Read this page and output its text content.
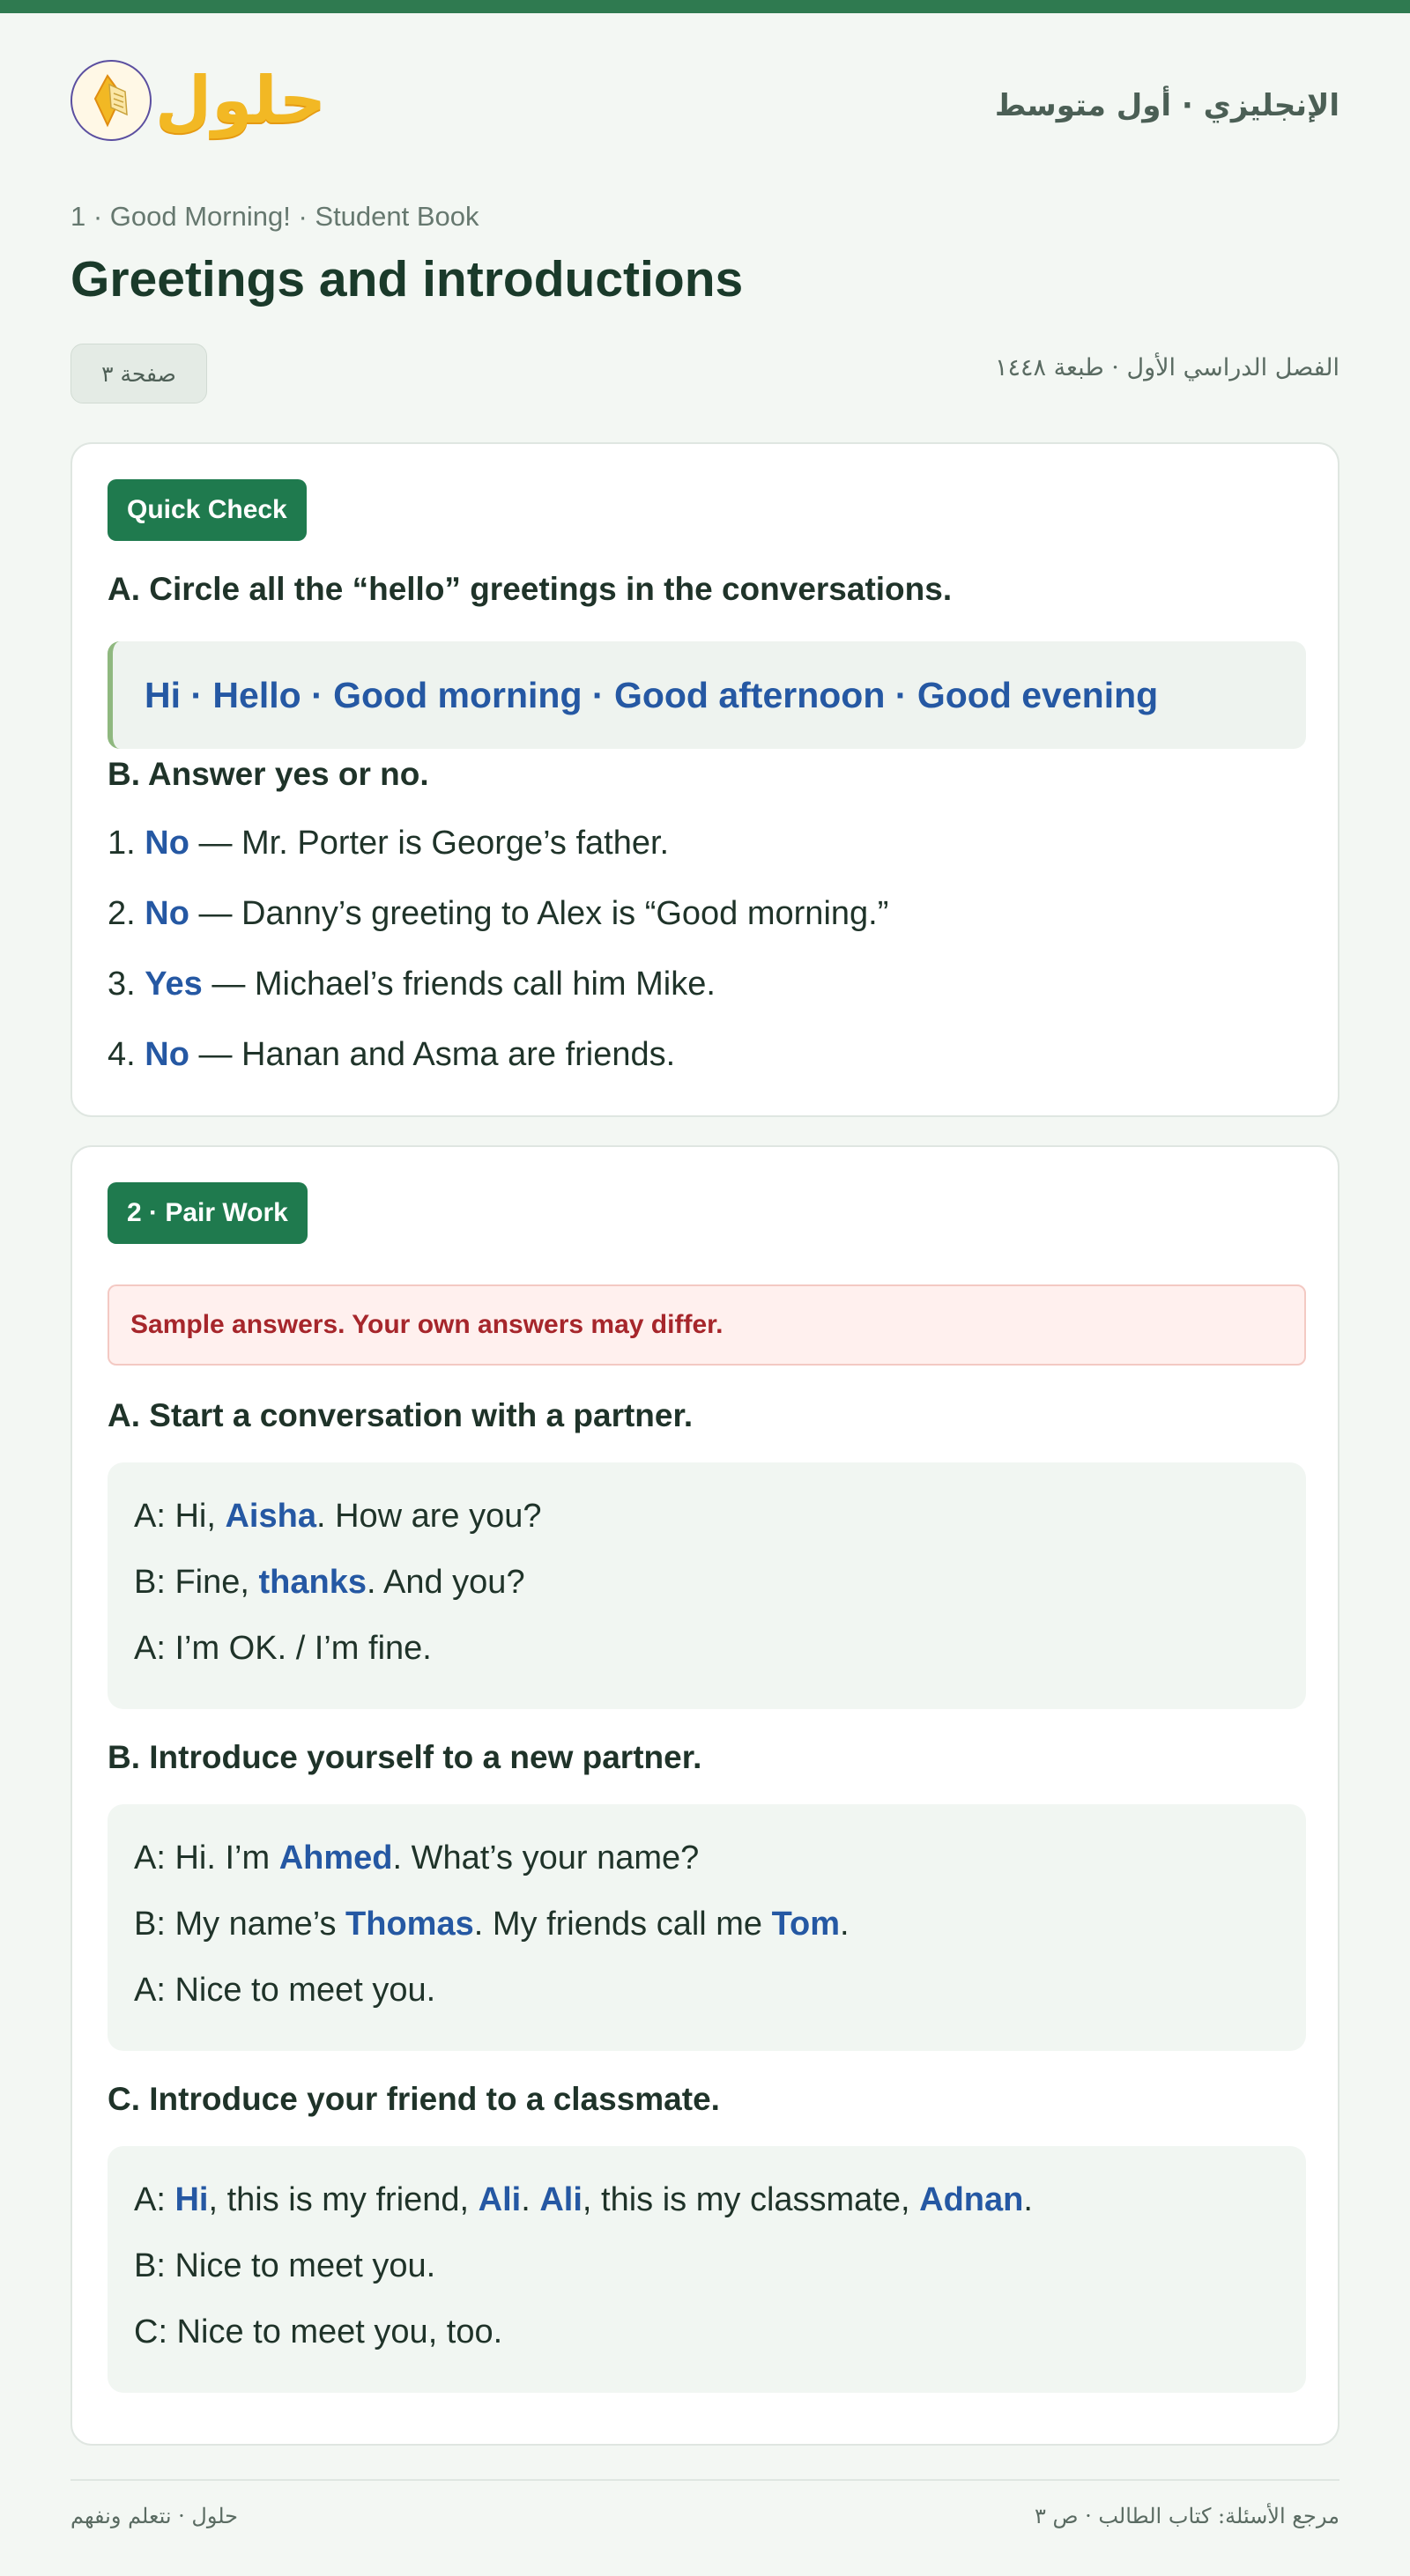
حلول	الإنجليزي · أول متوسط
1 · Good Morning! · Student Book
Greetings and introductions
صفحة ٣	الفصل الدراسي الأول · طبعة ١٤٤٨
Quick Check
A. Circle all the “hello” greetings in the conversations.
Hi · Hello · Good morning · Good afternoon · Good evening
B. Answer yes or no.
1. No — Mr. Porter is George’s father.
2. No — Danny’s greeting to Alex is “Good morning.”
3. Yes — Michael’s friends call him Mike.
4. No — Hanan and Asma are friends.
2 · Pair Work
Sample answers. Your own answers may differ.
A. Start a conversation with a partner.
A: Hi, Aisha. How are you?
B: Fine, thanks. And you?
A: I’m OK. / I’m fine.
B. Introduce yourself to a new partner.
A: Hi. I’m Ahmed. What’s your name?
B: My name’s Thomas. My friends call me Tom.
A: Nice to meet you.
C. Introduce your friend to a classmate.
A: Hi, this is my friend, Ali. Ali, this is my classmate, Adnan.
B: Nice to meet you.
C: Nice to meet you, too.
حلول · نتعلم ونفهم	مرجع الأسئلة: كتاب الطالب · ص ٣
